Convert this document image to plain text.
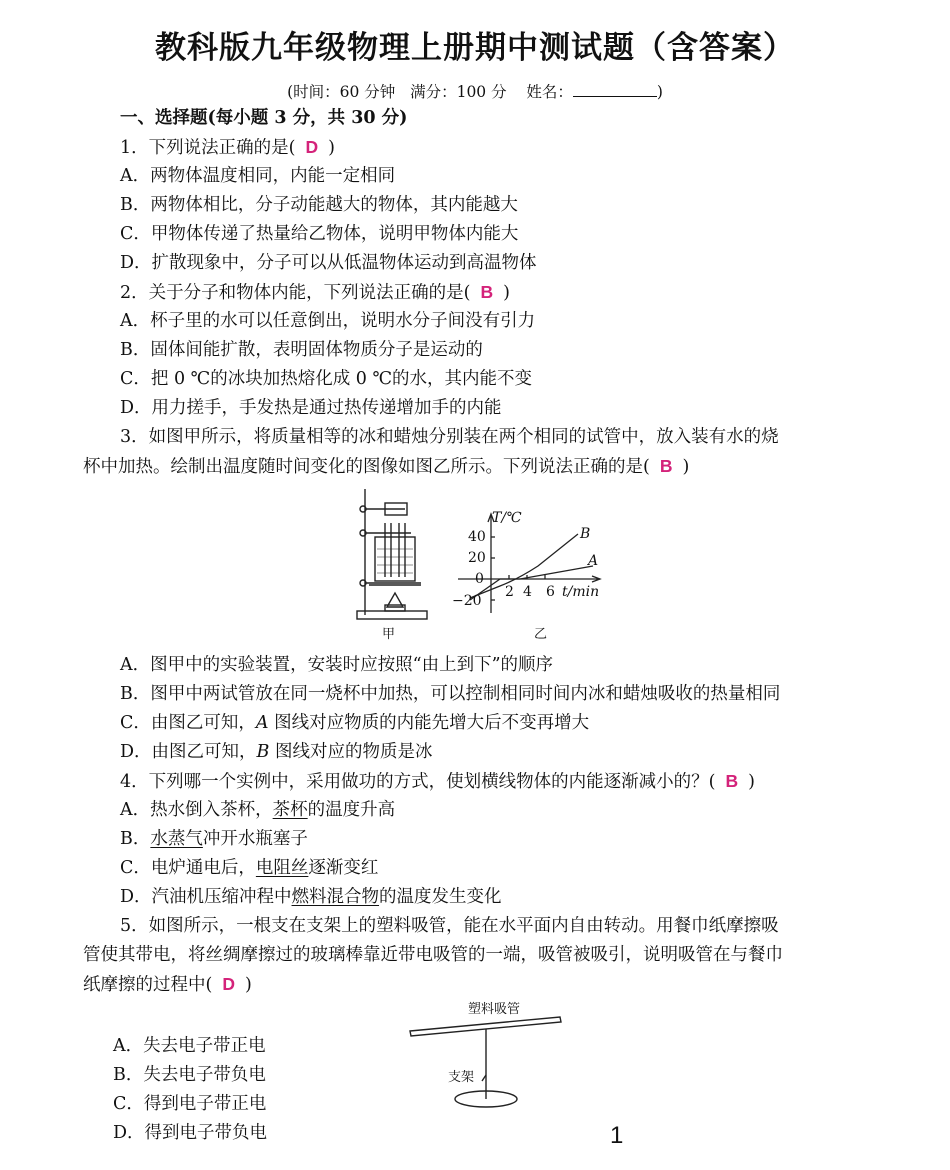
教科版九年级物理上册期中测试题（含答案）
(时间：60 分钟 满分：100 分 姓名：	)
一、选择题(每小题 3 分，共 30 分)
1．下列说法正确的是( D )
A．两物体温度相同，内能一定相同
B．两物体相比，分子动能越大的物体，其内能越大
C．甲物体传递了热量给乙物体，说明甲物体内能大
D．扩散现象中，分子可以从低温物体运动到高温物体
2．关于分子和物体内能，下列说法正确的是( B )
A．杯子里的水可以任意倒出，说明水分子间没有引力
B．固体间能扩散，表明固体物质分子是运动的
C．把 0 ℃的冰块加热熔化成 0 ℃的水，其内能不变
D．用力搓手，手发热是通过热传递增加手的内能
3．如图甲所示，将质量相等的冰和蜡烛分别装在两个相同的试管中，放入装有水的烧
杯中加热。绘制出温度随时间变化的图像如图乙所示。下列说法正确的是( B )
甲
T/℃
40
20
0
−20
2 4 6 t/min
A
B
乙
A．图甲中的实验装置，安装时应按照“由上到下”的顺序
B．图甲中两试管放在同一烧杯中加热，可以控制相同时间内冰和蜡烛吸收的热量相同
C．由图乙可知，A 图线对应物质的内能先增大后不变再增大
D．由图乙可知，B 图线对应的物质是冰
4．下列哪一个实例中，采用做功的方式，使划横线物体的内能逐渐减小的？( B )
A．热水倒入茶杯，茶杯的温度升高
B．水蒸气冲开水瓶塞子
C．电炉通电后，电阻丝逐渐变红
D．汽油机压缩冲程中燃料混合物的温度发生变化
5．如图所示，一根支在支架上的塑料吸管，能在水平面内自由转动。用餐巾纸摩擦吸
管使其带电，将丝绸摩擦过的玻璃棒靠近带电吸管的一端，吸管被吸引，说明吸管在与餐巾
纸摩擦的过程中( D )
塑料吸管
支架
A．失去电子带正电
B．失去电子带负电
C．得到电子带正电
D．得到电子带负电	1
